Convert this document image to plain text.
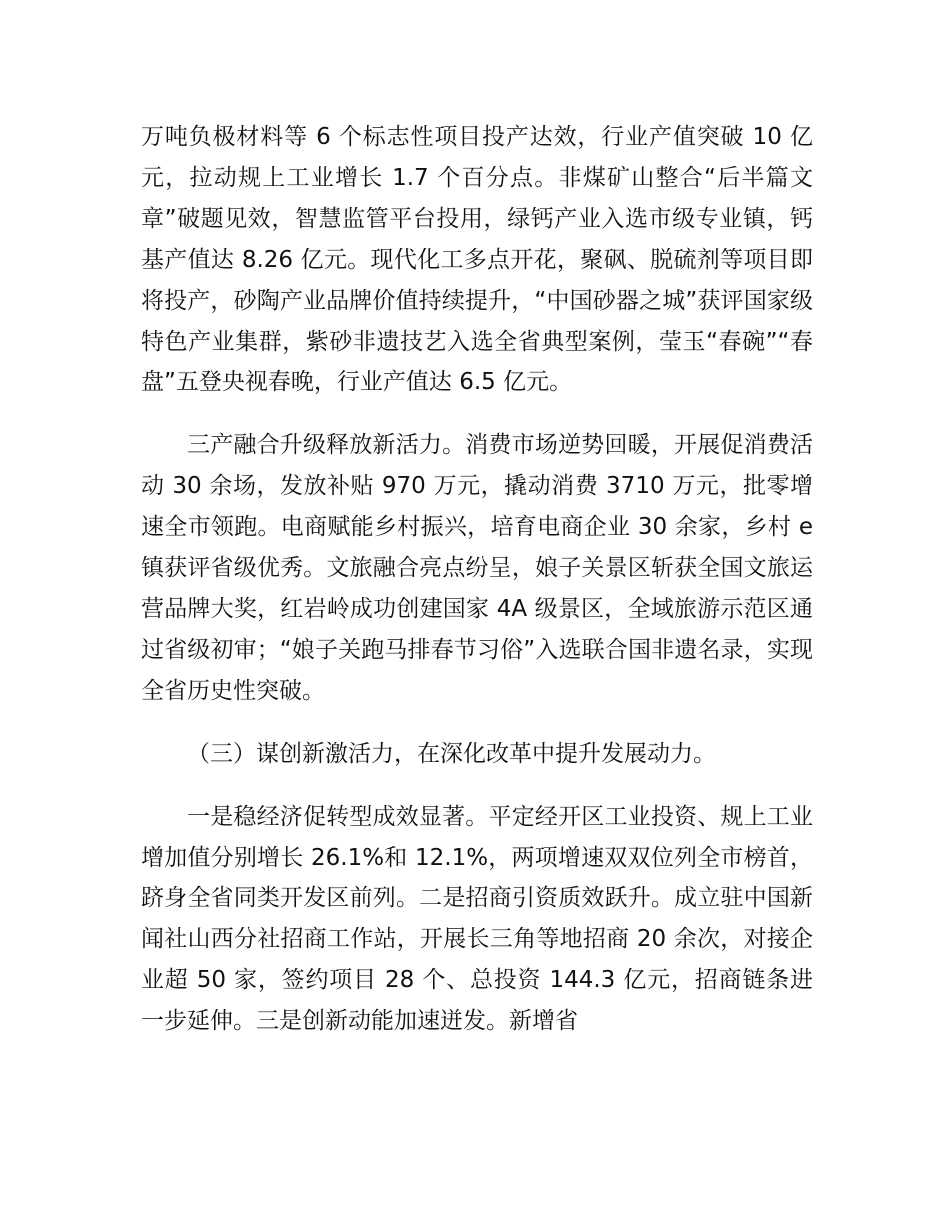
万吨负极材料等 6 个标志性项目投产达效，行业产值突破 10 亿元，拉动规上工业增长 1.7 个百分点。非煤矿山整合“后半篇文章”破题见效，智慧监管平台投用，绿钙产业入选市级专业镇，钙基产值达 8.26 亿元。现代化工多点开花，聚砜、脱硫剂等项目即将投产，砂陶产业品牌价值持续提升，“中国砂器之城”获评国家级特色产业集群，紫砂非遗技艺入选全省典型案例，莹玉“春碗”“春盘”五登央视春晚，行业产值达 6.5 亿元。

三产融合升级释放新活力。消费市场逆势回暖，开展促消费活动 30 余场，发放补贴 970 万元，撬动消费 3710 万元，批零增速全市领跑。电商赋能乡村振兴，培育电商企业 30 余家，乡村 e 镇获评省级优秀。文旅融合亮点纷呈，娘子关景区斩获全国文旅运营品牌大奖，红岩岭成功创建国家 4A 级景区，全域旅游示范区通过省级初审；“娘子关跑马排春节习俗”入选联合国非遗名录，实现全省历史性突破。

（三）谋创新激活力，在深化改革中提升发展动力。

一是稳经济促转型成效显著。平定经开区工业投资、规上工业增加值分别增长 26.1%和 12.1%，两项增速双双位列全市榜首，跻身全省同类开发区前列。二是招商引资质效跃升。成立驻中国新闻社山西分社招商工作站，开展长三角等地招商 20 余次，对接企业超 50 家，签约项目 28 个、总投资 144.3 亿元，招商链条进一步延伸。三是创新动能加速迸发。新增省
